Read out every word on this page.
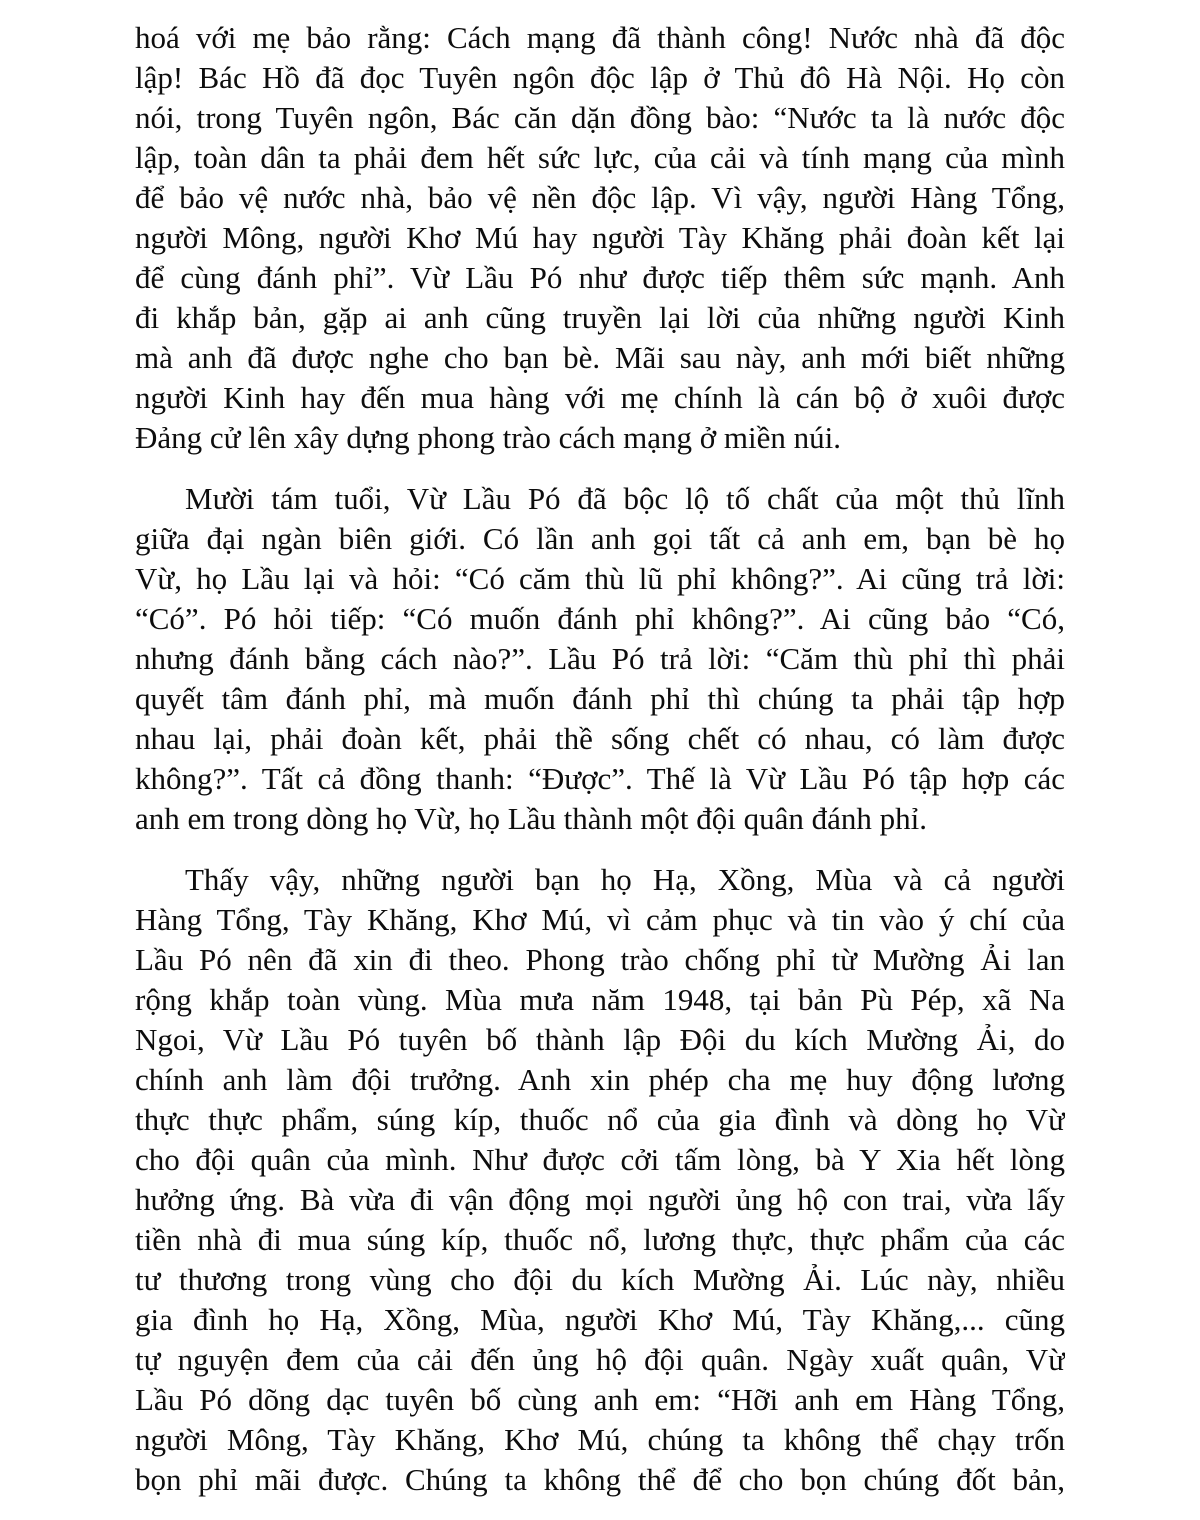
hoá với mẹ bảo rằng: Cách mạng đã thành công! Nước nhà đã độc
lập! Bác Hồ đã đọc Tuyên ngôn độc lập ở Thủ đô Hà Nội. Họ còn
nói, trong Tuyên ngôn, Bác căn dặn đồng bào: “Nước ta là nước độc
lập, toàn dân ta phải đem hết sức lực, của cải và tính mạng của mình
để bảo vệ nước nhà, bảo vệ nền độc lập. Vì vậy, người Hàng Tổng,
người Mông, người Khơ Mú hay người Tày Khăng phải đoàn kết lại
để cùng đánh phỉ”. Vừ Lầu Pó như được tiếp thêm sức mạnh. Anh
đi khắp bản, gặp ai anh cũng truyền lại lời của những người Kinh
mà anh đã được nghe cho bạn bè. Mãi sau này, anh mới biết những
người Kinh hay đến mua hàng với mẹ chính là cán bộ ở xuôi được
Đảng cử lên xây dựng phong trào cách mạng ở miền núi.

Mười tám tuổi, Vừ Lầu Pó đã bộc lộ tố chất của một thủ lĩnh
giữa đại ngàn biên giới. Có lần anh gọi tất cả anh em, bạn bè họ
Vừ, họ Lầu lại và hỏi: “Có căm thù lũ phỉ không?”. Ai cũng trả lời:
“Có”. Pó hỏi tiếp: “Có muốn đánh phỉ không?”. Ai cũng bảo “Có,
nhưng đánh bằng cách nào?”. Lầu Pó trả lời: “Căm thù phỉ thì phải
quyết tâm đánh phỉ, mà muốn đánh phỉ thì chúng ta phải tập hợp
nhau lại, phải đoàn kết, phải thề sống chết có nhau, có làm được
không?”. Tất cả đồng thanh: “Được”. Thế là Vừ Lầu Pó tập hợp các
anh em trong dòng họ Vừ, họ Lầu thành một đội quân đánh phỉ.

Thấy vậy, những người bạn họ Hạ, Xồng, Mùa và cả người
Hàng Tổng, Tày Khăng, Khơ Mú, vì cảm phục và tin vào ý chí của
Lầu Pó nên đã xin đi theo. Phong trào chống phỉ từ Mường Ải lan
rộng khắp toàn vùng. Mùa mưa năm 1948, tại bản Pù Pép, xã Na
Ngoi, Vừ Lầu Pó tuyên bố thành lập Đội du kích Mường Ải, do
chính anh làm đội trưởng. Anh xin phép cha mẹ huy động lương
thực thực phẩm, súng kíp, thuốc nổ của gia đình và dòng họ Vừ
cho đội quân của mình. Như được cởi tấm lòng, bà Y Xia hết lòng
hưởng ứng. Bà vừa đi vận động mọi người ủng hộ con trai, vừa lấy
tiền nhà đi mua súng kíp, thuốc nổ, lương thực, thực phẩm của các
tư thương trong vùng cho đội du kích Mường Ải. Lúc này, nhiều
gia đình họ Hạ, Xồng, Mùa, người Khơ Mú, Tày Khăng,... cũng
tự nguyện đem của cải đến ủng hộ đội quân. Ngày xuất quân, Vừ
Lầu Pó dõng dạc tuyên bố cùng anh em: “Hỡi anh em Hàng Tổng,
người Mông, Tày Khăng, Khơ Mú, chúng ta không thể chạy trốn
bọn phỉ mãi được. Chúng ta không thể để cho bọn chúng đốt bản,
